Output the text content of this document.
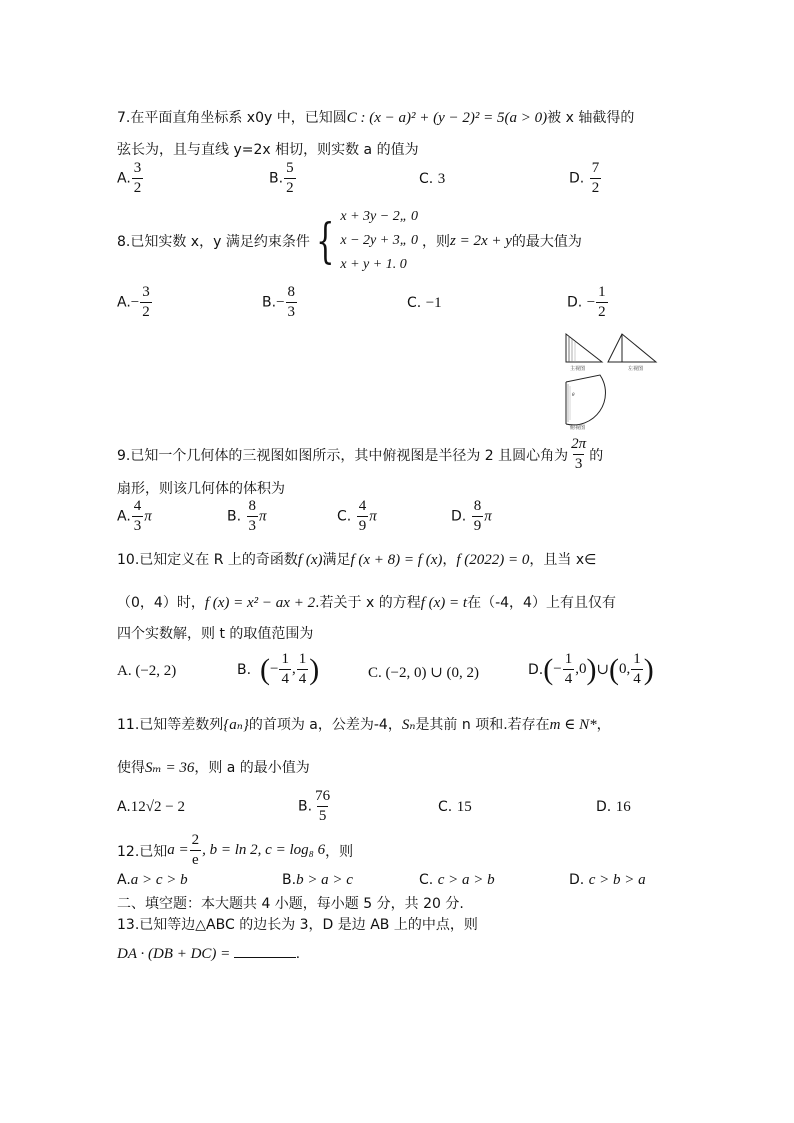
7.在平面直角坐标系 x0y 中，已知圆C : (x − a)² + (y − 2)² = 5(a > 0)被 x 轴截得的
弦长为，且与直线 y=2x 相切，则实数 a 的值为
A. $\frac{3}{2}$	B. $\frac{5}{2}$	C. 3	D. $\frac{7}{2}$
8.已知实数 x，y 满足约束条件 { x + 3y − 2„ 0
x − 2y + 3„ 0
x + y + 1. 0
，则 z = 2x + y 的最大值为
$A.- \frac{3}{2}$	$B.- \frac{8}{3}$	C. −1	D. − $\frac{1}{2}$
主视图	左视图
θ
俯视图
9.已知一个几何体的三视图如图所示，其中俯视图是半径为 2 且圆心角为 $\frac{2\pi}{3}$ 的
扇形，则该几何体的体积为
A. $\frac{4}{3}$ π	B. $\frac{8}{3}$ π	C. $\frac{4}{9}$ π	D. $\frac{8}{9}$ π
10.已知定义在 R 上的奇函数f (x)满足f (x + 8) = f (x)，f (2022) = 0，且当 x∈
（0，4）时，f (x) = x² − ax + 2.若关于 x 的方程f (x) = t在（-4，4）上有且仅有
四个实数解，则 t 的取值范围为
A. (−2, 2)	B.
( − $\frac{1}{4}$ , $\frac{1}{4}$ )	C. (−2, 0) ∪ (0, 2)	D. ( − $\frac{1}{4} ,0$ ) ∪ ( 0, $\frac{1}{4}$ )
11.已知等差数列{aₙ}的首项为 a，公差为-4，Sₙ是其前 n 项和.若存在m ∈ N*，
使得Sₘ = 36，则 a 的最小值为
A.12√2 − 2	B. $\frac{76}{5}$	C. 15	D. 16
12.已知 $a = \frac{2}{e}$ , b = ln 2, c = log₈ 6 ，则
A.a > c > b	B.b > a > c	C. c > a > b	D. c > b > a
二、填空题：本大题共 4 小题，每小题 5 分，共 20 分.
13.已知等边△ABC 的边长为 3，D 是边 AB 上的中点，则
DA · (DB + DC) =	.
